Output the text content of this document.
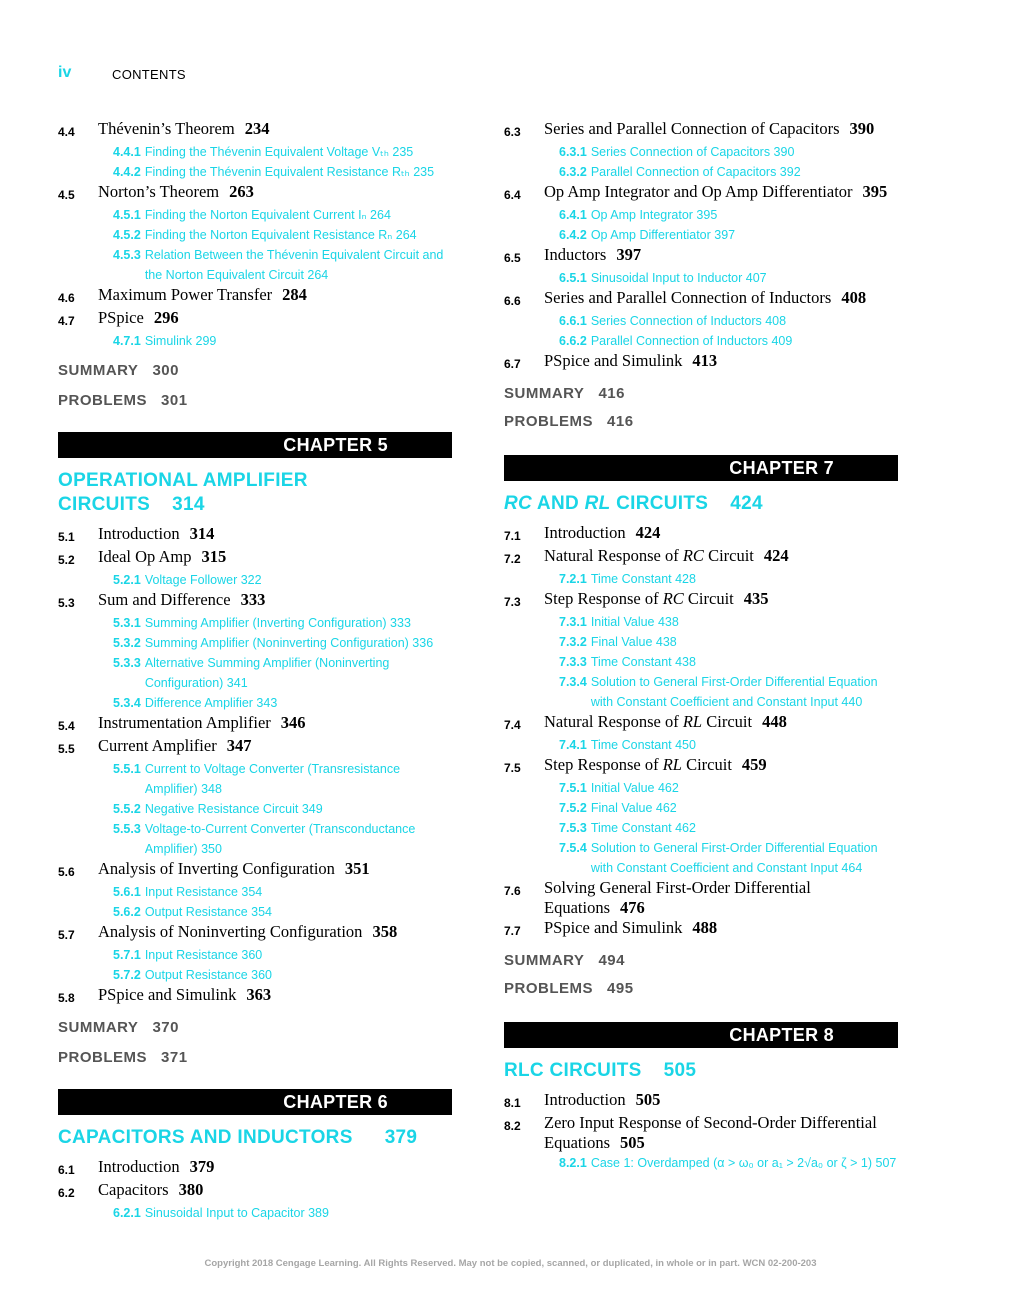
iv	CONTENTS
4.4	Thévenin’s Theorem 234
4.4.1 Finding the Thévenin Equivalent Voltage Vₜₕ 235
4.4.2 Finding the Thévenin Equivalent Resistance Rₜₕ 235
4.5	Norton’s Theorem 263
4.5.1 Finding the Norton Equivalent Current Iₙ 264
4.5.2 Finding the Norton Equivalent Resistance Rₙ 264
4.5.3 Relation Between the Thévenin Equivalent Circuit and the Norton Equivalent Circuit 264
4.6	Maximum Power Transfer 284
4.7	PSpice 296
4.7.1 Simulink 299
SUMMARY 300
PROBLEMS 301
CHAPTER 5
OPERATIONAL AMPLIFIER CIRCUITS 314
5.1	Introduction 314
5.2	Ideal Op Amp 315
5.2.1 Voltage Follower 322
5.3	Sum and Difference 333
5.3.1 Summing Amplifier (Inverting Configuration) 333
5.3.2 Summing Amplifier (Noninverting Configuration) 336
5.3.3 Alternative Summing Amplifier (Noninverting Configuration) 341
5.3.4 Difference Amplifier 343
5.4	Instrumentation Amplifier 346
5.5	Current Amplifier 347
5.5.1 Current to Voltage Converter (Transresistance Amplifier) 348
5.5.2 Negative Resistance Circuit 349
5.5.3 Voltage-to-Current Converter (Transconductance Amplifier) 350
5.6	Analysis of Inverting Configuration 351
5.6.1 Input Resistance 354
5.6.2 Output Resistance 354
5.7	Analysis of Noninverting Configuration 358
5.7.1 Input Resistance 360
5.7.2 Output Resistance 360
5.8	PSpice and Simulink 363
SUMMARY 370
PROBLEMS 371
CHAPTER 6
CAPACITORS AND INDUCTORS 379
6.1	Introduction 379
6.2	Capacitors 380
6.2.1 Sinusoidal Input to Capacitor 389
6.3	Series and Parallel Connection of Capacitors 390
6.3.1 Series Connection of Capacitors 390
6.3.2 Parallel Connection of Capacitors 392
6.4	Op Amp Integrator and Op Amp Differentiator 395
6.4.1 Op Amp Integrator 395
6.4.2 Op Amp Differentiator 397
6.5	Inductors 397
6.5.1 Sinusoidal Input to Inductor 407
6.6	Series and Parallel Connection of Inductors 408
6.6.1 Series Connection of Inductors 408
6.6.2 Parallel Connection of Inductors 409
6.7	PSpice and Simulink 413
SUMMARY 416
PROBLEMS 416
CHAPTER 7
RC AND RL CIRCUITS 424
7.1	Introduction 424
7.2	Natural Response of RC Circuit 424
7.2.1 Time Constant 428
7.3	Step Response of RC Circuit 435
7.3.1 Initial Value 438
7.3.2 Final Value 438
7.3.3 Time Constant 438
7.3.4 Solution to General First-Order Differential Equation with Constant Coefficient and Constant Input 440
7.4	Natural Response of RL Circuit 448
7.4.1 Time Constant 450
7.5	Step Response of RL Circuit 459
7.5.1 Initial Value 462
7.5.2 Final Value 462
7.5.3 Time Constant 462
7.5.4 Solution to General First-Order Differential Equation with Constant Coefficient and Constant Input 464
7.6	Solving General First-Order Differential Equations 476
7.7	PSpice and Simulink 488
SUMMARY 494
PROBLEMS 495
CHAPTER 8
RLC CIRCUITS 505
8.1	Introduction 505
8.2	Zero Input Response of Second-Order Differential Equations 505
8.2.1 Case 1: Overdamped (α > ω₀ or a₁ > 2√a₀ or ζ > 1) 507
Copyright 2018 Cengage Learning. All Rights Reserved. May not be copied, scanned, or duplicated, in whole or in part. WCN 02-200-203
